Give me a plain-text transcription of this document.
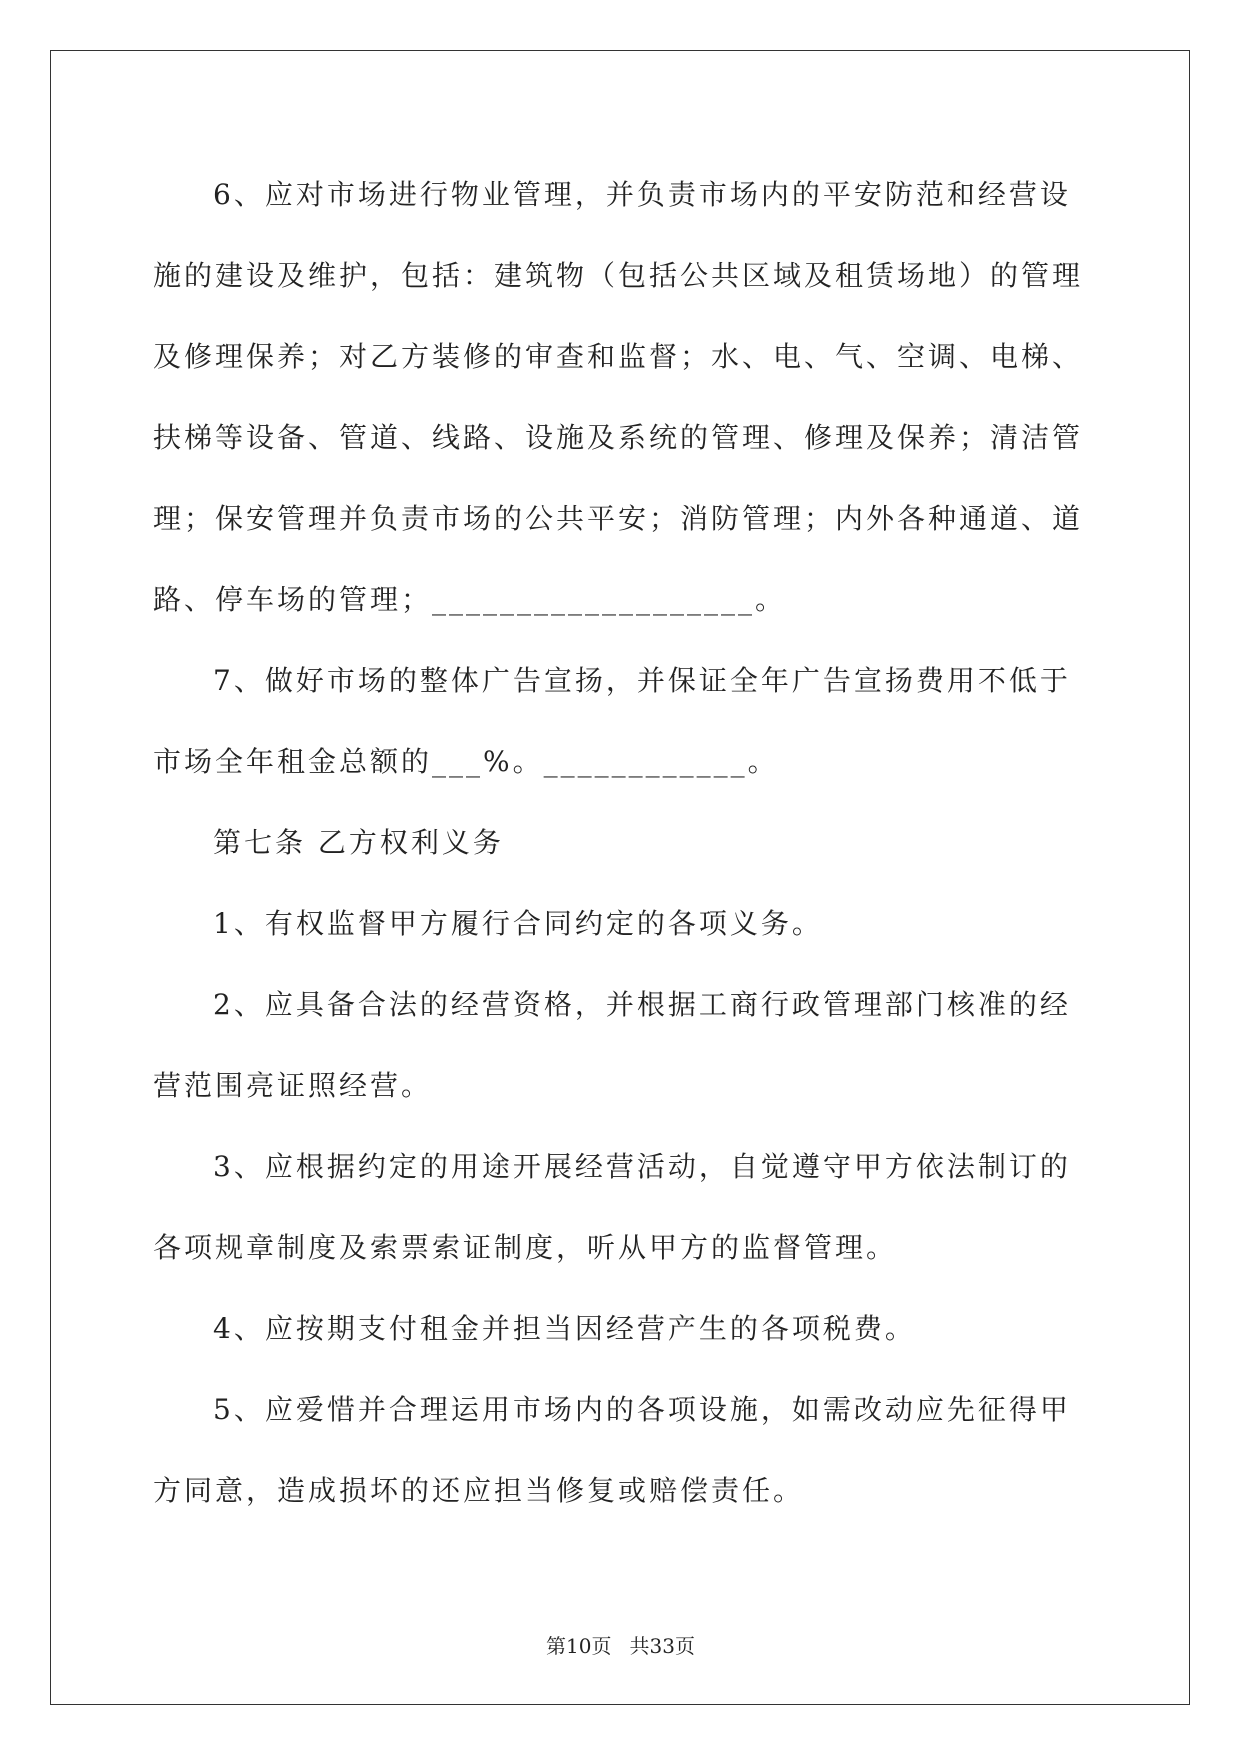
6、应对市场进行物业管理，并负责市场内的平安防范和经营设施的建设及维护，包括：建筑物（包括公共区域及租赁场地）的管理及修理保养；对乙方装修的审查和监督；水、电、气、空调、电梯、扶梯等设备、管道、线路、设施及系统的管理、修理及保养；清洁管理；保安管理并负责市场的公共平安；消防管理；内外各种通道、道路、停车场的管理；___________________。

7、做好市场的整体广告宣扬，并保证全年广告宣扬费用不低于市场全年租金总额的___%。____________。

第七条 乙方权利义务

1、有权监督甲方履行合同约定的各项义务。

2、应具备合法的经营资格，并根据工商行政管理部门核准的经营范围亮证照经营。

3、应根据约定的用途开展经营活动，自觉遵守甲方依法制订的各项规章制度及索票索证制度，听从甲方的监督管理。

4、应按期支付租金并担当因经营产生的各项税费。

5、应爱惜并合理运用市场内的各项设施，如需改动应先征得甲方同意，造成损坏的还应担当修复或赔偿责任。

第10页 共33页
